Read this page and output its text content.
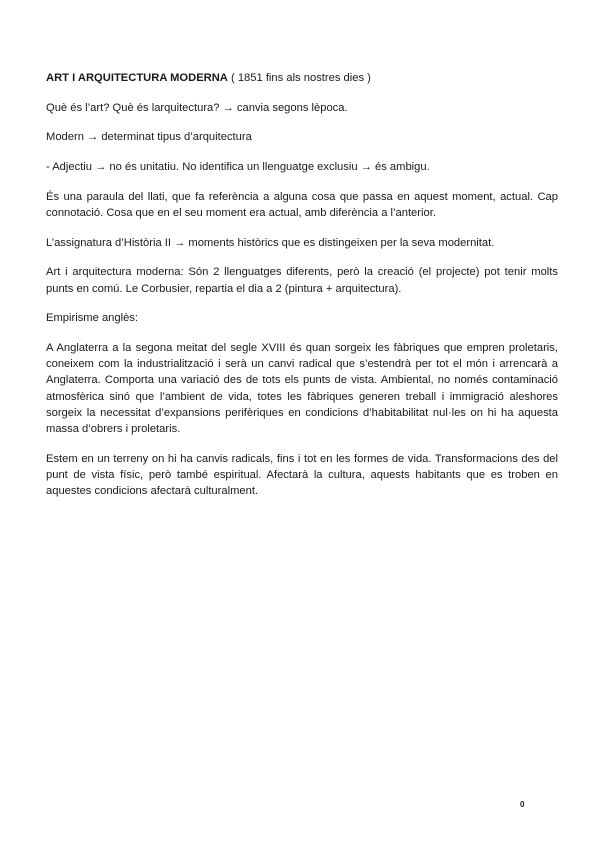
ART I ARQUITECTURA MODERNA ( 1851 fins als nostres dies )

Què és l’art? Què és larquitectura? → canvia segons lèpoca.

Modern → determinat tipus d’arquitectura

- Adjectiu → no és unitatiu. No identifica un llenguatge exclusiu → és ambigu.

És una paraula del llati, que fa referència a alguna cosa que passa en aquest moment, actual. Cap connotació. Cosa que en el seu moment era actual, amb diferència a l’anterior.

L’assignatura d’Història II → moments històrics que es distingeixen per la seva modernitat.

Art i arquitectura moderna: Són 2 llenguatges diferents, però la creació (el projecte) pot tenir molts punts en comú. Le Corbusier, repartia el dia a 2 (pintura + arquitectura).

Empirisme anglès:

A Anglaterra a la segona meitat del segle XVIII és quan sorgeix les fàbriques que empren proletaris, coneixem com la industrialització i serà un canvi radical que s’estendrà per tot el món i arrencarà a Anglaterra. Comporta una variació des de tots els punts de vista. Ambiental, no només contaminació atmosfèrica sinó que l’ambient de vida, totes les fàbriques generen treball i immigració aleshores sorgeix la necessitat d’expansions perifèriques en condicions d’habitabilitat nul·les on hi ha aquesta massa d’obrers i proletaris.

Estem en un terreny on hi ha canvis radicals, fins i tot en les formes de vida. Transformacions des del punt de vista físic, però també espiritual. Afectarà la cultura, aquests habitants que es troben en aquestes condicions afectarà culturalment.

0
